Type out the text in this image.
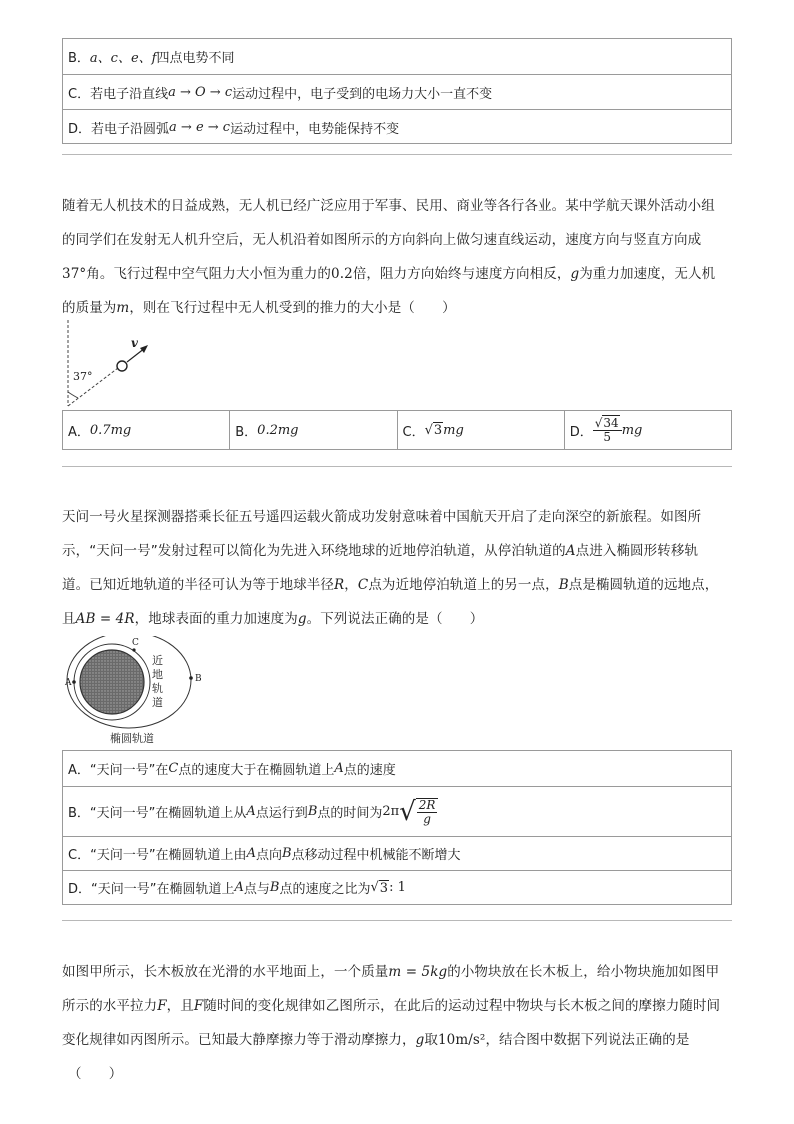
B． a、c、e、f 四点电势不同
C． 若电子沿直线 a → O → c 运动过程中，电子受到的电场力大小一直不变
D． 若电子沿圆弧 a → e → c 运动过程中，电势能保持不变
随着无人机技术的日益成熟，无人机已经广泛应用于军事、民用、商业等各行各业。某中学航天课外活动小组
的同学们在发射无人机升空后，无人机沿着如图所示的方向斜向上做匀速直线运动，速度方向与竖直方向成
37°角。飞行过程中空气阻力大小恒为重力的0.2倍，阻力方向始终与速度方向相反，g为重力加速度，无人机
的质量为m，则在飞行过程中无人机受到的推力的大小是（　　）
37°
v
A． 0.7mg	B． 0.2mg	C． √ 3 mg	D． $\frac{√34}{5}$ mg
天问一号火星探测器搭乘长征五号遥四运载火箭成功发射意味着中国航天开启了走向深空的新旅程。如图所
示，“天问一号”发射过程可以简化为先进入环绕地球的近地停泊轨道，从停泊轨道的A点进入椭圆形转移轨
道。已知近地轨道的半径可认为等于地球半径R，C点为近地停泊轨道上的另一点，B点是椭圆轨道的远地点，
且AB = 4R，地球表面的重力加速度为g。下列说法正确的是（　　）
A	B
C
近
地
轨
道
椭圆轨道
A． “天问一号”在 C 点的速度大于在椭圆轨道上 A 点的速度
B． “天问一号”在椭圆轨道上从 A 点运行到 B 点的时间为 2π √ $\frac{2R}{g}$
C． “天问一号”在椭圆轨道上由 A 点向 B 点移动过程中机械能不断增大
D． “天问一号”在椭圆轨道上 A 点与 B 点的速度之比为 √ 3 : 1
如图甲所示，长木板放在光滑的水平地面上，一个质量m = 5kg的小物块放在长木板上，给小物块施加如图甲
所示的水平拉力F，且F随时间的变化规律如乙图所示，在此后的运动过程中物块与长木板之间的摩擦力随时间
变化规律如丙图所示。已知最大静摩擦力等于滑动摩擦力，g取10m/s²，结合图中数据下列说法正确的是
（　　）
